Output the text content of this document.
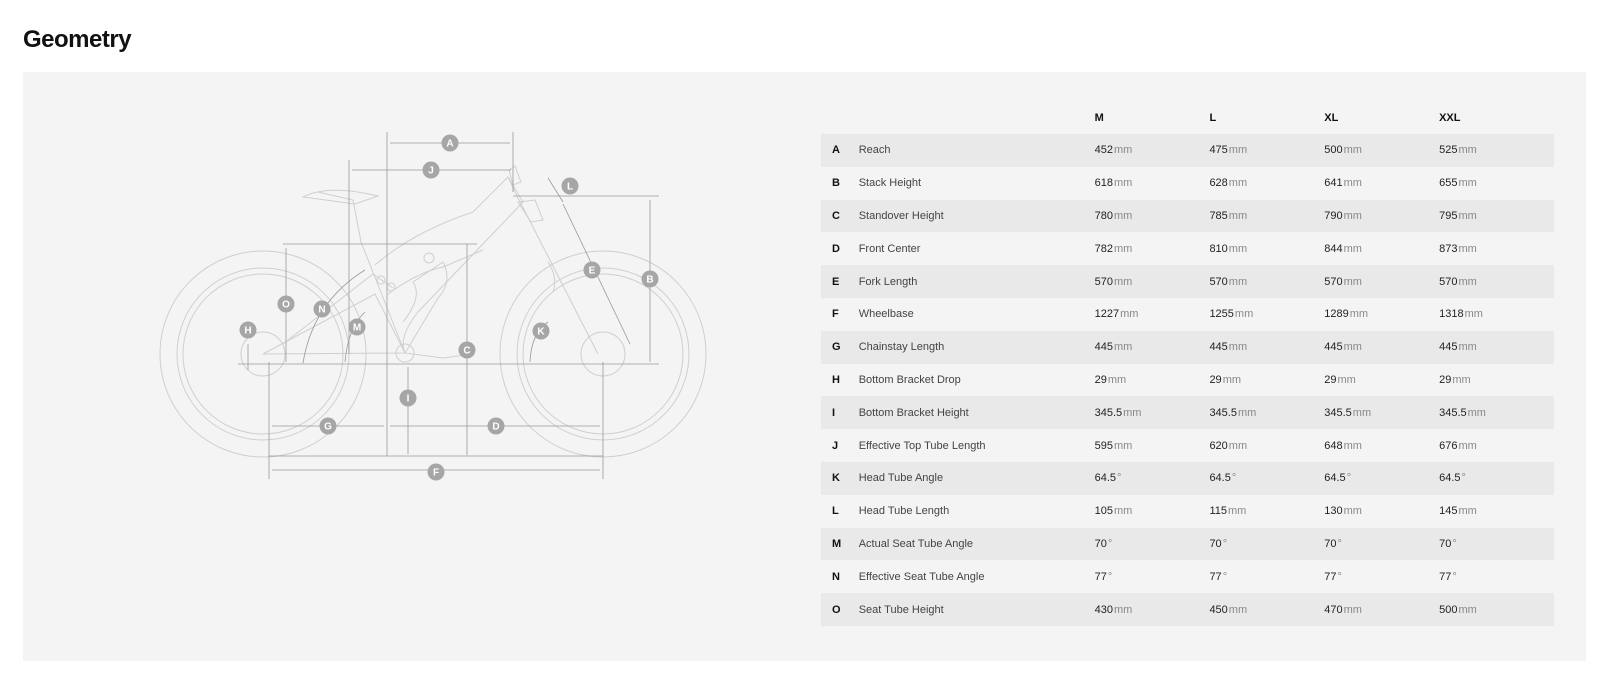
Geometry
A
B
C
D
E
F
G
H
I
J
K
L
M
N
O
		M	L	XL	XXL
A	Reach	452mm	475mm	500mm	525mm
B	Stack Height	618mm	628mm	641mm	655mm
C	Standover Height	780mm	785mm	790mm	795mm
D	Front Center	782mm	810mm	844mm	873mm
E	Fork Length	570mm	570mm	570mm	570mm
F	Wheelbase	1227mm	1255mm	1289mm	1318mm
G	Chainstay Length	445mm	445mm	445mm	445mm
H	Bottom Bracket Drop	29mm	29mm	29mm	29mm
I	Bottom Bracket Height	345.5mm	345.5mm	345.5mm	345.5mm
J	Effective Top Tube Length	595mm	620mm	648mm	676mm
K	Head Tube Angle	64.5°	64.5°	64.5°	64.5°
L	Head Tube Length	105mm	115mm	130mm	145mm
M	Actual Seat Tube Angle	70°	70°	70°	70°
N	Effective Seat Tube Angle	77°	77°	77°	77°
O	Seat Tube Height	430mm	450mm	470mm	500mm
